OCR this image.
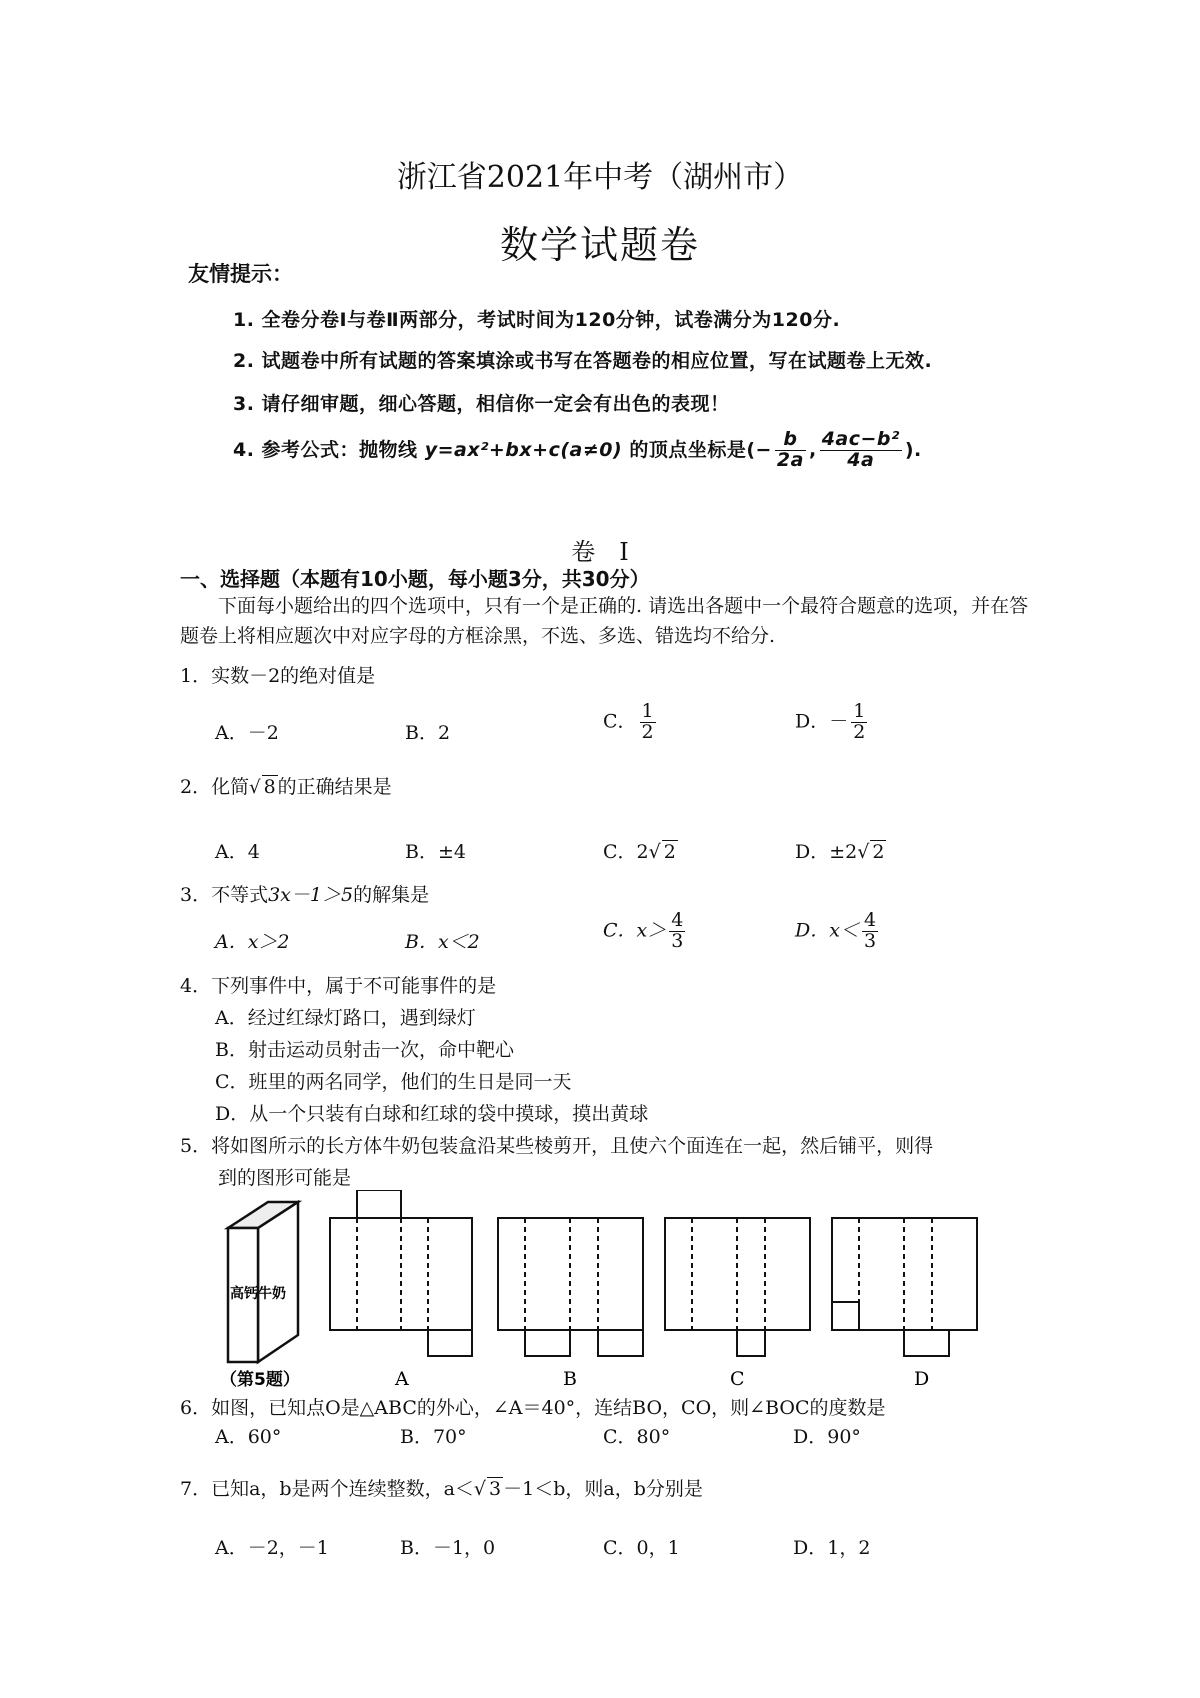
浙江省2021年中考（湖州市）
数学试题卷
友情提示：
1. 全卷分卷Ⅰ与卷Ⅱ两部分，考试时间为120分钟，试卷满分为120分.
2. 试题卷中所有试题的答案填涂或书写在答题卷的相应位置，写在试题卷上无效.
3. 请仔细审题，细心答题，相信你一定会有出色的表现！
4. 参考公式：抛物线 y=ax²+bx+c(a≠0) 的顶点坐标是(− $\frac{b}{2a}$ , $\frac{\text{4ac−b²}}{4a}$ ).
卷　Ⅰ
一、选择题（本题有10小题，每小题3分，共30分）
下面每小题给出的四个选项中，只有一个是正确的. 请选出各题中一个最符合题意的选项，并在答题卷上将相应题次中对应字母的方框涂黑，不选、多选、错选均不给分.
1．实数－2的绝对值是
A．－2	B．2
C． $\frac{1}{2}$	D．－ $\frac{1}{2}$
2．化简√ 8 的正确结果是
A．4	B．±4	C．2√ 2	D．±2√ 2
3．不等式3x－1＞5的解集是
A．x＞2	B．x＜2
C．$x> \frac{4}{3}$	D．$x< \frac{4}{3}$
4．下列事件中，属于不可能事件的是
A．经过红绿灯路口，遇到绿灯
B．射击运动员射击一次，命中靶心
C．班里的两名同学，他们的生日是同一天
D．从一个只装有白球和红球的袋中摸球，摸出黄球
5．将如图所示的长方体牛奶包装盒沿某些棱剪开，且使六个面连在一起，然后铺平，则得
到的图形可能是
高钙牛奶
（第5题）	A	B	C	D
6．如图，已知点O是△ABC的外心，∠A＝40°，连结BO，CO，则∠BOC的度数是
A．60°	B．70°	C．80°	D．90°
7．已知a，b是两个连续整数，a＜√ 3 －1＜b，则a，b分别是
A．－2，－1	B．－1，0	C．0，1	D．1，2
